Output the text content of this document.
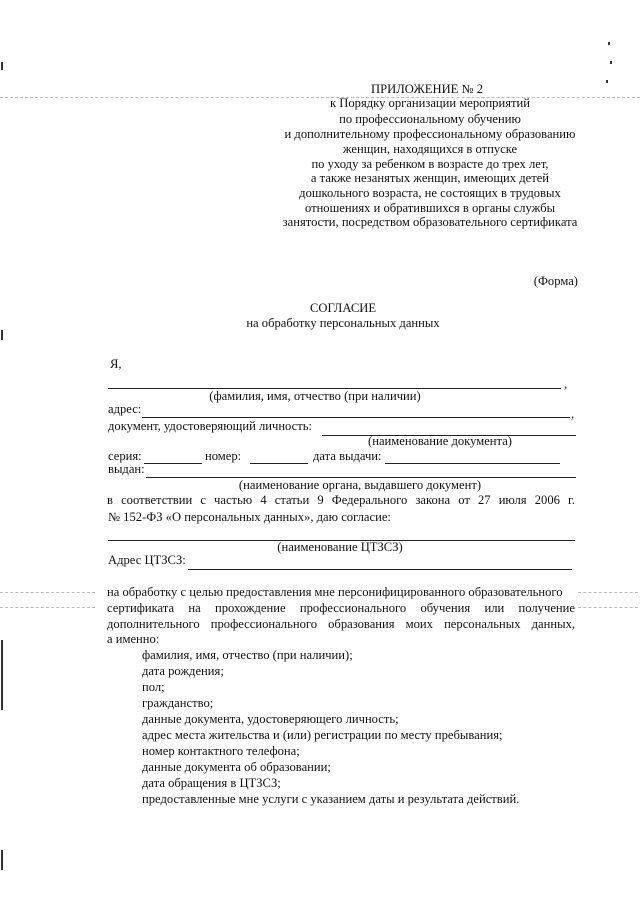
ПРИЛОЖЕНИЕ № 2
к Порядку организации мероприятий
по профессиональному обучению
и дополнительному профессиональному образованию
женщин, находящихся в отпуске
по уходу за ребенком в возрасте до трех лет,
а также незанятых женщин, имеющих детей
дошкольного возраста, не состоящих в трудовых
отношениях и обратившихся в органы службы
занятости, посредством образовательного сертификата
(Форма)
СОГЛАСИЕ
на обработку персональных данных
Я,
,
(фамилия, имя, отчество (при наличии)
адрес:	,
документ, удостоверяющий личность:
(наименование документа)
серия:	номер:	дата выдачи:
выдан:
(наименование органа, выдавшего документ)
в соответствии с частью 4 статьи 9 Федерального закона от 27 июля 2006 г.
№ 152-ФЗ «О персональных данных», даю согласие:
(наименование ЦТЗСЗ)
Адрес ЦТЗСЗ:
на обработку с целью предоставления мне персонифицированного образовательного
сертификата на прохождение профессионального обучения или получение
дополнительного профессионального образования моих персональных данных,
а именно:
фамилия, имя, отчество (при наличии);
дата рождения;
пол;
гражданство;
данные документа, удостоверяющего личность;
адрес места жительства и (или) регистрации по месту пребывания;
номер контактного телефона;
данные документа об образовании;
дата обращения в ЦТЗСЗ;
предоставленные мне услуги с указанием даты и результата действий.
